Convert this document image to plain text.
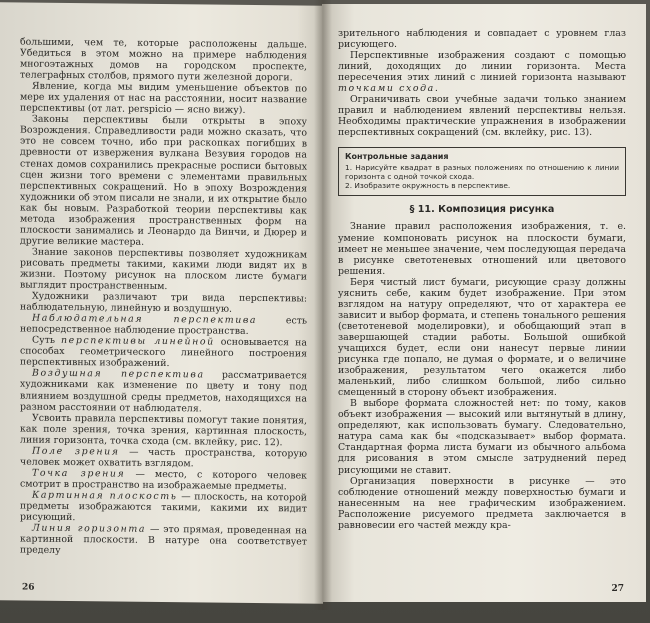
большими, чем те, которые расположены дальше. Убедиться в этом можно на примере наблюдения многоэтажных домов на городском проспекте, телеграфных столбов, прямого пути железной дороги.

Явление, когда мы видим уменьшение объектов по мере их удаления от нас на расстоянии, носит название перспективы (от лат. perspicio — ясно вижу).

Законы перспективы были открыты в эпоху Возрождения. Справедливости ради можно сказать, что это не совсем точно, ибо при раскопках погибших в древности от извержения вулкана Везувия городов на стенах домов сохранились прекрасные росписи бытовых сцен жизни того времени с элементами правильных перспективных сокращений. Но в эпоху Возрождения художники об этом писали не знали, и их открытие было как бы новым. Разработкой теории перспективы как метода изображения пространственных форм на плоскости занимались и Леонардо да Винчи, и Дюрер и другие великие мастера.

Знание законов перспективы позволяет художникам рисовать предметы такими, какими люди видят их в жизни. Поэтому рисунок на плоском листе бумаги выглядит пространственным.

Художники различают три вида перспективы: наблюдательную, линейную и воздушную.

Наблюдательная перспектива есть непосредственное наблюдение пространства.

Суть перспективы линейной основывается на способах геометрического линейного построения перспективных изображений.

Воздушная перспектива рассматривается художниками как изменение по цвету и тону под влиянием воздушной среды предметов, находящихся на разном расстоянии от наблюдателя.

Усвоить правила перспективы помогут такие понятия, как поле зрения, точка зрения, картинная плоскость, линия горизонта, точка схода (см. вклейку, рис. 12).

Поле зрения — часть пространства, которую человек может охватить взглядом.

Точка зрения — место, с которого человек смотрит в пространство на изображаемые предметы.

Картинная плоскость — плоскость, на которой предметы изображаются такими, какими их видит рисующий.

Линия горизонта — это прямая, проведенная на картинной плоскости. В натуре она соответствует пределу

26

зрительного наблюдения и совпадает с уровнем глаз рисующего.

Перспективные изображения создают с помощью линий, доходящих до линии горизонта. Места пересечения этих линий с линией горизонта называют точками схода.

Ограничивать свои учебные задачи только знанием правил и наблюдением явлений перспективы нельзя. Необходимы практические упражнения в изображении перспективных сокращений (см. вклейку, рис. 13).

Контрольные задания

1. Нарисуйте квадрат в разных положениях по отношению к линии горизонта с одной точкой схода.

2. Изобразите окружность в перспективе.

§ 11. Композиция рисунка

Знание правил расположения изображения, т. е. умение компоновать рисунок на плоскости бумаги, имеет не меньшее значение, чем последующая передача в рисунке светотеневых отношений или цветового решения.

Беря чистый лист бумаги, рисующие сразу должны уяснить себе, каким будет изображение. При этом взглядом на натуру определяют, что от характера ее зависит и выбор формата, и степень тонального решения (светотеневой моделировки), и обобщающий этап в завершающей стадии работы. Большой ошибкой учащихся будет, если они нанесут первые линии рисунка где попало, не думая о формате, и о величине изображения, результатом чего окажется либо маленький, либо слишком большой, либо сильно смещенный в сторону объект изображения.

В выборе формата сложностей нет: по тому, каков объект изображения — высокий или вытянутый в длину, определяют, как использовать бумагу. Следовательно, натура сама как бы «подсказывает» выбор формата. Стандартная форма листа бумаги из обычного альбома для рисования в этом смысле затруднений перед рисующими не ставит.

Организация поверхности в рисунке — это соблюдение отношений между поверхностью бумаги и нанесенным на нее графическим изображением. Расположение рисуемого предмета заключается в равновесии его частей между кра-

27
